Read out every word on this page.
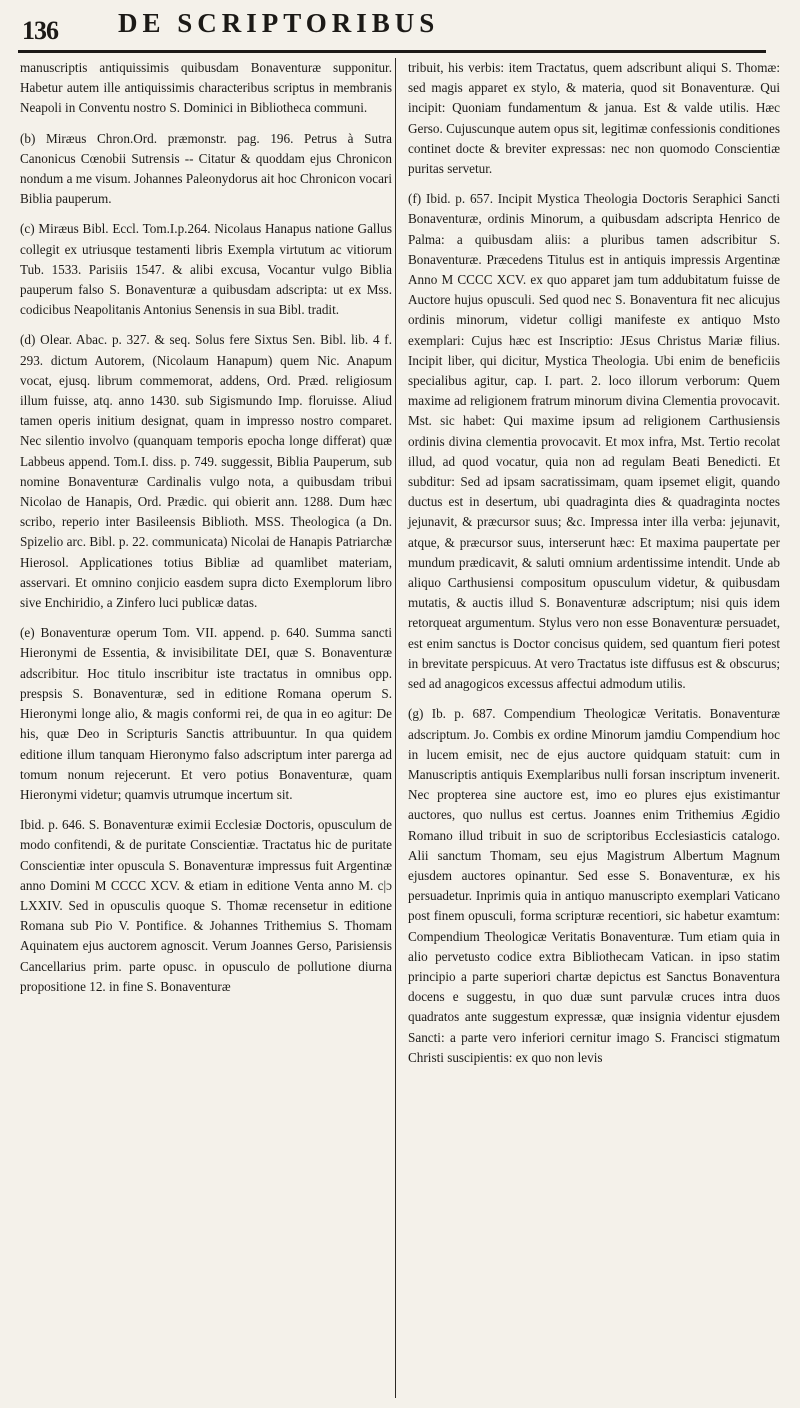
136 DE SCRIPTORIBUS

manuscriptis antiquissimis quibusdam Bonaventuræ supponitur. Habetur autem ille antiquissimis characteribus scriptus in membranis Neapoli in Conventu nostro S. Dominici in Bibliotheca communi.

(b) Miræus Chron.Ord. præmonstr. pag. 196. Petrus à Sutra Canonicus Cœnobii Sutrensis -- Citatur & quoddam ejus Chronicon nondum a me visum. Johannes Paleonydorus ait hoc Chronicon vocari Biblia pauperum.

(c) Miræus Bibl. Eccl. Tom.I.p.264. Nicolaus Hanapus natione Gallus collegit ex utriusque testamenti libris Exempla virtutum ac vitiorum Tub. 1533. Parisiis 1547. & alibi excusa, Vocantur vulgo Biblia pauperum falso S. Bonaventuræ a quibusdam adscripta: ut ex Mss. codicibus Neapolitanis Antonius Senensis in sua Bibl. tradit.

(d) Olear. Abac. p. 327. & seq. Solus fere Sixtus Sen. Bibl. lib. 4 f. 293. dictum Autorem, (Nicolaum Hanapum) quem Nic. Anapum vocat, ejusq. librum commemorat, addens, Ord. Præd. religiosum illum fuisse, atq. anno 1430. sub Sigismundo Imp. floruisse. Aliud tamen operis initium designat, quam in impresso nostro comparet. Nec silentio involvo (quanquam temporis epocha longe differat) quæ Labbeus append. Tom.I. diss. p. 749. suggessit, Biblia Pauperum, sub nomine Bonaventuræ Cardinalis vulgo nota, a quibusdam tribui Nicolao de Hanapis, Ord. Prædic. qui obierit ann. 1288. Dum hæc scribo, reperio inter Basileensis Biblioth. MSS. Theologica (a Dn. Spizelio arc. Bibl. p. 22. communicata) Nicolai de Hanapis Patriarchæ Hierosol. Applicationes totius Bibliæ ad quamlibet materiam, asservari. Et omnino conjicio easdem supra dicto Exemplorum libro sive Enchiridio, a Zinfero luci publicæ datas.

(e) Bonaventuræ operum Tom. VII. append. p. 640. Summa sancti Hieronymi de Essentia, & invisibilitate DEI, quæ S. Bonaventuræ adscribitur. Hoc titulo inscribitur iste tractatus in omnibus opp. prespsis S. Bonaventuræ, sed in editione Romana operum S. Hieronymi longe alio, & magis conformi rei, de qua in eo agitur: De his, quæ Deo in Scripturis Sanctis attribuuntur. In qua quidem editione illum tanquam Hieronymo falso adscriptum inter parerga ad tomum nonum rejecerunt. Et vero potius Bonaventuræ, quam Hieronymi videtur; quamvis utrumque incertum sit.

Ibid. p. 646. S. Bonaventuræ eximii Ecclesiæ Doctoris, opusculum de modo confitendi, & de puritate Conscientiæ. Tractatus hic de puritate Conscientiæ inter opuscula S. Bonaventuræ impressus fuit Argentinæ anno Domini M CCCC XCV. & etiam in editione Venta anno M. c|ɔ LXXIV. Sed in opusculis quoque S. Thomæ recensetur in editione Romana sub Pio V. Pontifice. & Johannes Trithemius S. Thomam Aquinatem ejus auctorem agnoscit. Verum Joannes Gerso, Parisiensis Cancellarius prim. parte opusc. in opusculo de pollutione diurna propositione 12. in fine S. Bonaventuræ

tribuit, his verbis: item Tractatus, quem adscribunt aliqui S. Thomæ: sed magis apparet ex stylo, & materia, quod sit Bonaventuræ. Qui incipit: Quoniam fundamentum & janua. Est & valde utilis. Hæc Gerso. Cujuscunque autem opus sit, legitimæ confessionis conditiones continet docte & breviter expressas: nec non quomodo Conscientiæ puritas servetur.

(f) Ibid. p. 657. Incipit Mystica Theologia Doctoris Seraphici Sancti Bonaventuræ, ordinis Minorum, a quibusdam adscripta Henrico de Palma: a quibusdam aliis: a pluribus tamen adscribitur S. Bonaventuræ. Præcedens Titulus est in antiquis impressis Argentinæ Anno M CCCC XCV. ex quo apparet jam tum addubitatum fuisse de Auctore hujus opusculi. Sed quod nec S. Bonaventura fit nec alicujus ordinis minorum, videtur colligi manifeste ex antiquo Msto exemplari: Cujus hæc est Inscriptio: JEsus Christus Mariæ filius. Incipit liber, qui dicitur, Mystica Theologia. Ubi enim de beneficiis specialibus agitur, cap. I. part. 2. loco illorum verborum: Quem maxime ad religionem fratrum minorum divina Clementia provocavit. Mst. sic habet: Qui maxime ipsum ad religionem Carthusiensis ordinis divina clementia provocavit. Et mox infra, Mst. Tertio recolat illud, ad quod vocatur, quia non ad regulam Beati Benedicti. Et subditur: Sed ad ipsam sacratissimam, quam ipsemet eligit, quando ductus est in desertum, ubi quadraginta dies & quadraginta noctes jejunavit, & præcursor suus; &c. Impressa inter illa verba: jejunavit, atque, & præcursor suus, interserunt hæc: Et maxima paupertate per mundum prædicavit, & saluti omnium ardentissime intendit. Unde ab aliquo Carthusiensi compositum opusculum videtur, & quibusdam mutatis, & auctis illud S. Bonaventuræ adscriptum; nisi quis idem retorqueat argumentum. Stylus vero non esse Bonaventuræ persuadet, est enim sanctus is Doctor concisus quidem, sed quantum fieri potest in brevitate perspicuus. At vero Tractatus iste diffusus est & obscurus; sed ad anagogicos excessus affectui admodum utilis.

(g) Ib. p. 687. Compendium Theologicæ Veritatis. Bonaventuræ adscriptum. Jo. Combis ex ordine Minorum jamdiu Compendium hoc in lucem emisit, nec de ejus auctore quidquam statuit: cum in Manuscriptis antiquis Exemplaribus nulli forsan inscriptum invenerit. Nec propterea sine auctore est, imo eo plures ejus existimantur auctores, quo nullus est certus. Joannes enim Trithemius Ægidio Romano illud tribuit in suo de scriptoribus Ecclesiasticis catalogo. Alii sanctum Thomam, seu ejus Magistrum Albertum Magnum ejusdem auctores opinantur. Sed esse S. Bonaventuræ, ex his persuadetur. Inprimis quia in antiquo manuscripto exemplari Vaticano post finem opusculi, forma scripturæ recentiori, sic habetur examtum: Compendium Theologicæ Veritatis Bonaventuræ. Tum etiam quia in alio pervetusto codice extra Bibliothecam Vatican. in ipso statim principio a parte superiori chartæ depictus est Sanctus Bonaventura docens e suggestu, in quo duæ sunt parvulæ cruces intra duos quadratos ante suggestum expressæ, quæ insignia videntur ejusdem Sancti: a parte vero inferiori cernitur imago S. Francisci stigmatum Christi suscipientis: ex quo non levis
